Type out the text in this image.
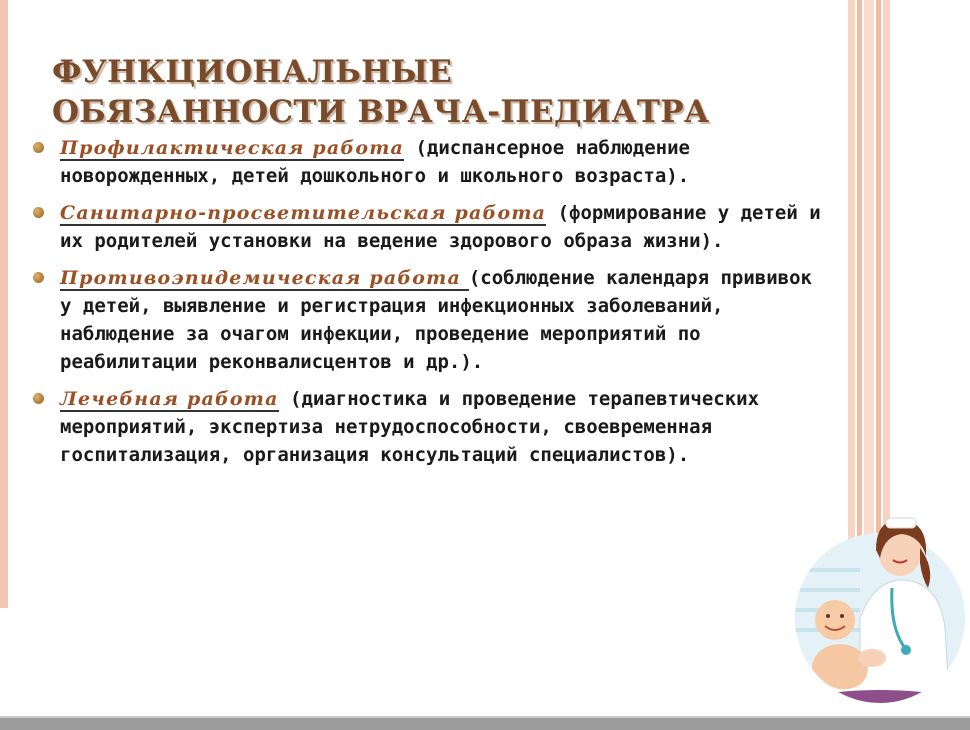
ФУНКЦИОНАЛЬНЫЕ
ОБЯЗАННОСТИ ВРАЧА-ПЕДИАТРА
Профилактическая работа (диспансерное наблюдение новорожденных, детей дошкольного и школьного возраста).
Санитарно-просветительская работа (формирование у детей и их родителей установки на ведение здорового образа жизни).
Противоэпидемическая работа (соблюдение календаря прививок у детей, выявление и регистрация инфекционных заболеваний, наблюдение за очагом инфекции, проведение мероприятий по реабилитации реконвалисцентов и др.).
Лечебная работа (диагностика и проведение терапевтических мероприятий, экспертиза нетрудоспособности, своевременная госпитализация, организация консультаций специалистов).
